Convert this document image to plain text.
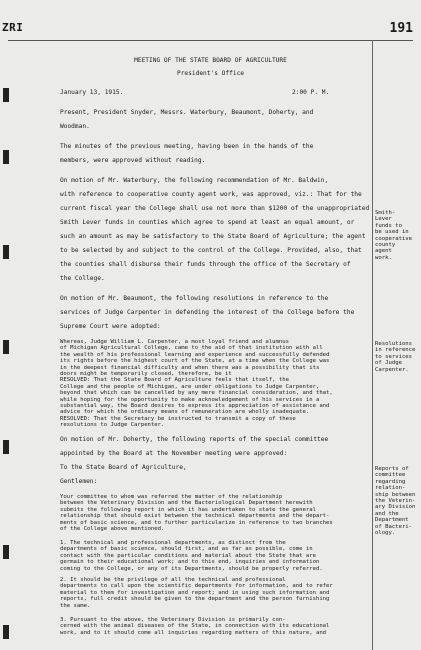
ZRI	191
MEETING OF THE STATE BOARD OF AGRICULTURE
President's Office
January 13, 1915.	2:00 P. M.
Present, President Snyder, Messrs. Waterbury, Beaumont, Doherty, and
Woodman.
The minutes of the previous meeting, having been in the hands of the
members, were approved without reading.
On motion of Mr. Waterbury, the following recommendation of Mr. Baldwin,
with reference to cooperative county agent work, was approved, viz.: That for the
current fiscal year the College shall use not more than $1200 of the unappropriated
Smith Lever funds in counties which agree to spend at least an equal amount, or
such an amount as may be satisfactory to the State Board of Agriculture; the agent
to be selected by and subject to the control of the College. Provided, also, that
the counties shall disburse their funds through the office of the Secretary of
the College.
On motion of Mr. Beaumont, the following resolutions in reference to the
services of Judge Carpenter in defending the interest of the College before the
Supreme Court were adopted:
Smith-
Lever
funds to
be used in
cooperative
county
agent
work.
Whereas, Judge William L. Carpenter, a most loyal friend and alumnus
of Michigan Agricultural College, came to the aid of that institution with all
the wealth of his professional learning and experience and successfully defended
its rights before the highest court of the State, at a time when the College was
in the deepest financial difficulty and when there was a possibility that its
doors might be temporarily closed, therefore, be it
RESOLVED: That the State Board of Agriculture feels that itself, the
College and the people of Michigan, are under obligations to Judge Carpenter,
beyond that which can be cancelled by any mere financial consideration, and that,
while hoping for the opportunity to make acknowledgement of his services in a
substantial way, the Board desires to express its appreciation of assistance and
advice for which the ordinary means of remuneration are wholly inadequate.
RESOLVED: That the Secretary be instructed to transmit a copy of these
resolutions to Judge Carpenter.
Resolutions
in reference
to services
of Judge
Carpenter.
On motion of Mr. Doherty, the following reports of the special committee
appointed by the Board at the November meeting were approved:
To the State Board of Agriculture,
Gentlemen:
Reports of
committee
regarding
relation-
ship between
the Veterin-
ary Division
and the
Department
of Bacteri-
ology.
Your committee to whom was referred the matter of the relationship
between the Veterinary Division and the Bacteriological Department herewith
submits the following report in which it has undertaken to state the general
relationship that should exist between the technical departments and the depart-
ments of basic science, and to further particularize in reference to two branches
of the College above mentioned.
1. The technical and professional departments, as distinct from the
departments of basic science, should first, and as far as possible, come in
contact with the particular conditions and material about the State that are
germain to their educational work; and to this end, inquiries and information
coming to the College, or any of its Departments, should be properly referred.
2. It should be the privilege of all the technical and professional
departments to call upon the scientific departments for information, and to refer
material to them for investigation and report; and in using such information and
reports, full credit should be given to the department and the person furnishing
the same.
3. Pursuant to the above, the Veterinary Division is primarily con-
cerned with the animal diseases of the State, in connection with its educational
work, and to it should come all inquiries regarding matters of this nature, and
